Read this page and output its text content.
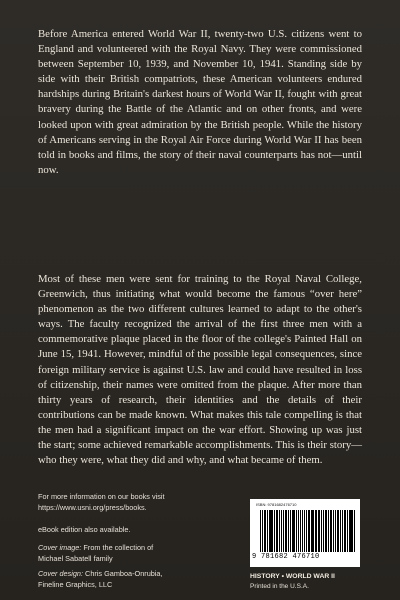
Before America entered World War II, twenty-two U.S. citizens went to England and volunteered with the Royal Navy. They were commissioned between September 10, 1939, and November 10, 1941. Standing side by side with their British compatriots, these American volunteers endured hardships during Britain's darkest hours of World War II, fought with great bravery during the Battle of the Atlantic and on other fronts, and were looked upon with great admiration by the British people. While the history of Americans serving in the Royal Air Force during World War II has been told in books and films, the story of their naval counterparts has not—until now.

Most of these men were sent for training to the Royal Naval College, Greenwich, thus initiating what would become the famous “over here” phenomenon as the two different cultures learned to adapt to the other's ways. The faculty recognized the arrival of the first three men with a commemorative plaque placed in the floor of the college's Painted Hall on June 15, 1941. However, mindful of the possible legal consequences, since foreign military service is against U.S. law and could have resulted in loss of citizenship, their names were omitted from the plaque. After more than thirty years of research, their identities and the details of their contributions can be made known. What makes this tale compelling is that the men had a significant impact on the war effort. Showing up was just the start; some achieved remarkable accomplishments. This is their story—who they were, what they did and why, and what became of them.

For more information on our books visit
https://www.usni.org/press/books.

eBook edition also available.

Cover image: From the collection of
Michael Sabatell family

Cover design: Chris Gamboa-Onrubia,
Fineline Graphics, LLC

ISBN: 9781682476710
9 781682 476710

HISTORY • WORLD WAR II

Printed in the U.S.A.
